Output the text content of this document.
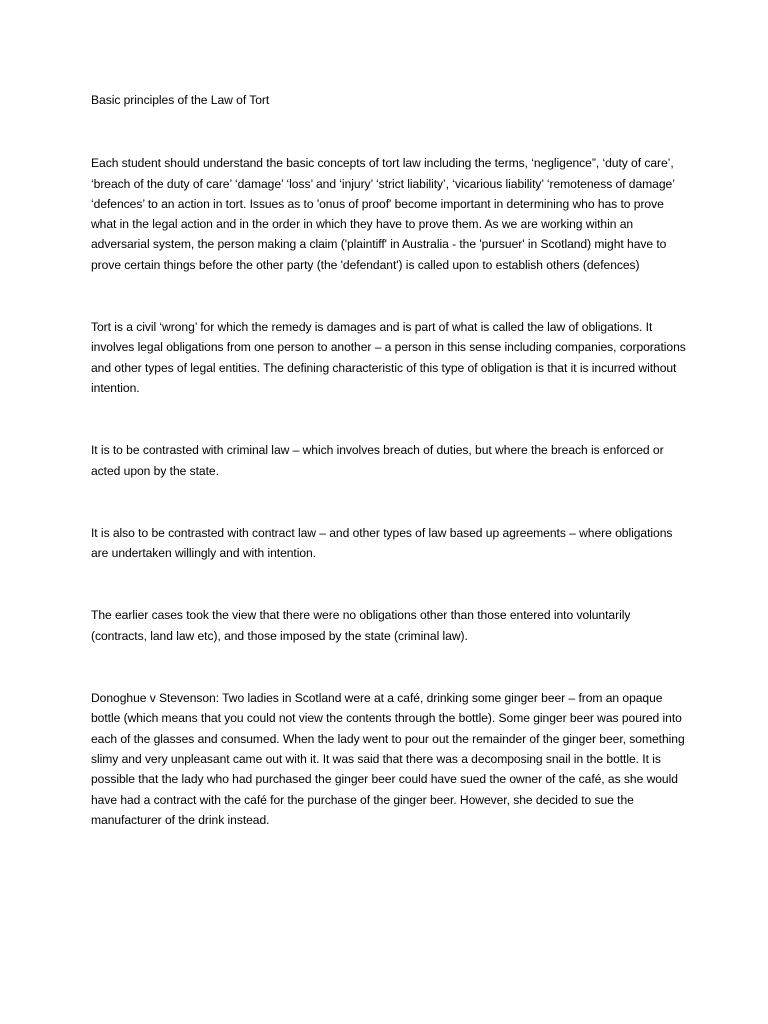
Basic principles of the Law of Tort

Each student should understand the basic concepts of tort law including the terms, ‘negligence”, ‘duty of care’, ‘breach of the duty of care’ ‘damage’ ‘loss’ and ‘injury’ ‘strict liability’, ‘vicarious liability’ ‘remoteness of damage’ ‘defences’ to an action in tort. Issues as to 'onus of proof' become important in determining who has to prove what in the legal action and in the order in which they have to prove them. As we are working within an adversarial system, the person making a claim ('plaintiff' in Australia - the 'pursuer' in Scotland) might have to prove certain things before the other party (the 'defendant') is called upon to establish others (defences)

Tort is a civil ‘wrong’ for which the remedy is damages and is part of what is called the law of obligations. It involves legal obligations from one person to another – a person in this sense including companies, corporations and other types of legal entities. The defining characteristic of this type of obligation is that it is incurred without intention.

It is to be contrasted with criminal law – which involves breach of duties, but where the breach is enforced or acted upon by the state.

It is also to be contrasted with contract law – and other types of law based up agreements – where obligations are undertaken willingly and with intention.

The earlier cases took the view that there were no obligations other than those entered into voluntarily (contracts, land law etc), and those imposed by the state (criminal law).

Donoghue v Stevenson: Two ladies in Scotland were at a café, drinking some ginger beer – from an opaque bottle (which means that you could not view the contents through the bottle). Some ginger beer was poured into each of the glasses and consumed. When the lady went to pour out the remainder of the ginger beer, something slimy and very unpleasant came out with it. It was said that there was a decomposing snail in the bottle. It is possible that the lady who had purchased the ginger beer could have sued the owner of the café, as she would have had a contract with the café for the purchase of the ginger beer. However, she decided to sue the manufacturer of the drink instead.
